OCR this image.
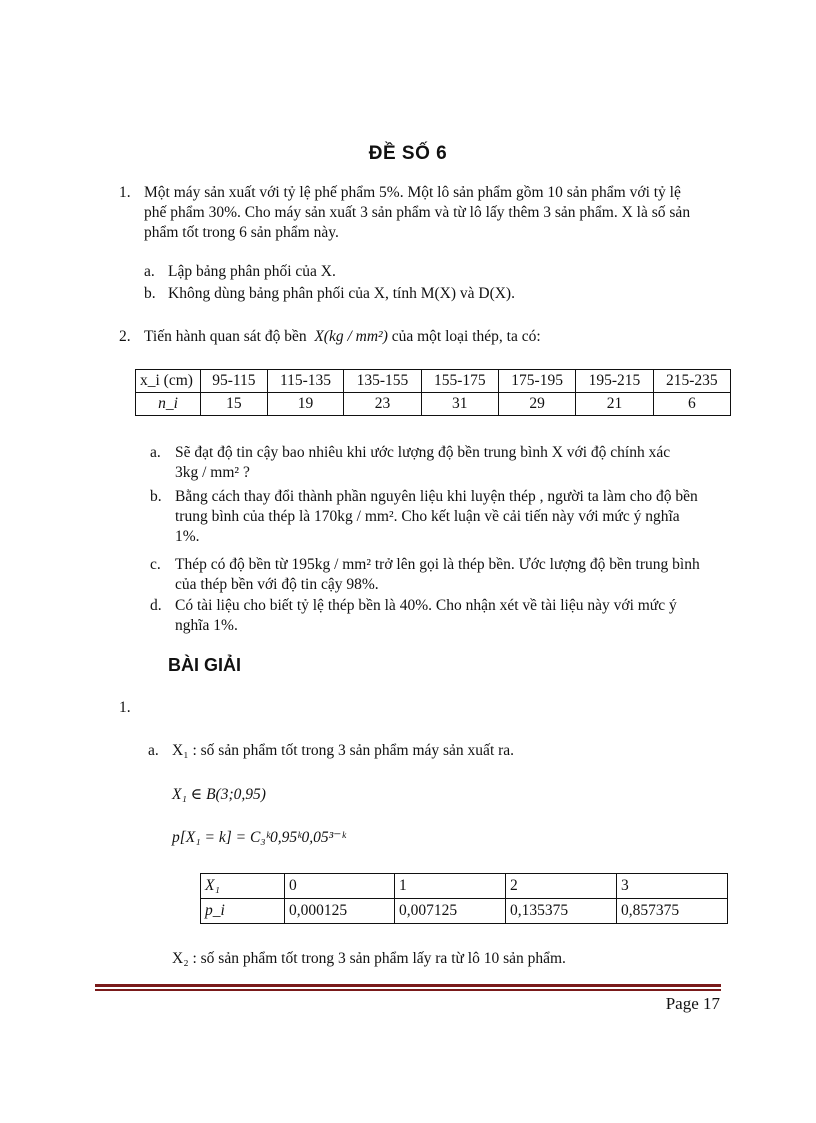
ĐỀ SỐ 6
1. Một máy sản xuất với tỷ lệ phế phẩm 5%. Một lô sản phẩm gồm 10 sản phẩm với tỷ lệ
phế phẩm 30%. Cho máy sản xuất 3 sản phẩm và từ lô lấy thêm 3 sản phẩm. X là số sản
phẩm tốt trong 6 sản phẩm này.
a. Lập bảng phân phối của X.
b. Không dùng bảng phân phối của X, tính M(X) và D(X).
2. Tiến hành quan sát độ bền X(kg / mm²) của một loại thép, ta có:
x_i (cm)	95-115	115-135	135-155	155-175	175-195	195-215	215-235
n_i	15	19	23	31	29	21	6
a. Sẽ đạt độ tin cậy bao nhiêu khi ước lượng độ bền trung bình X với độ chính xác
3kg / mm² ?
b. Bằng cách thay đổi thành phần nguyên liệu khi luyện thép , người ta làm cho độ bền
trung bình của thép là 170kg / mm². Cho kết luận về cải tiến này với mức ý nghĩa
1%.
c. Thép có độ bền từ 195kg / mm² trở lên gọi là thép bền. Ước lượng độ bền trung bình
của thép bền với độ tin cậy 98%.
d. Có tài liệu cho biết tỷ lệ thép bền là 40%. Cho nhận xét về tài liệu này với mức ý
nghĩa 1%.
BÀI GIẢI
1.
a. X₁ : số sản phẩm tốt trong 3 sản phẩm máy sản xuất ra.
X₁ ∈ B(3;0,95)
p[X₁ = k] = C₃ᵏ0,95ᵏ0,05³⁻ᵏ
X₁	0	1	2	3
p_i	0,000125	0,007125	0,135375	0,857375
X₂ : số sản phẩm tốt trong 3 sản phẩm lấy ra từ lô 10 sản phẩm.
Page 17
